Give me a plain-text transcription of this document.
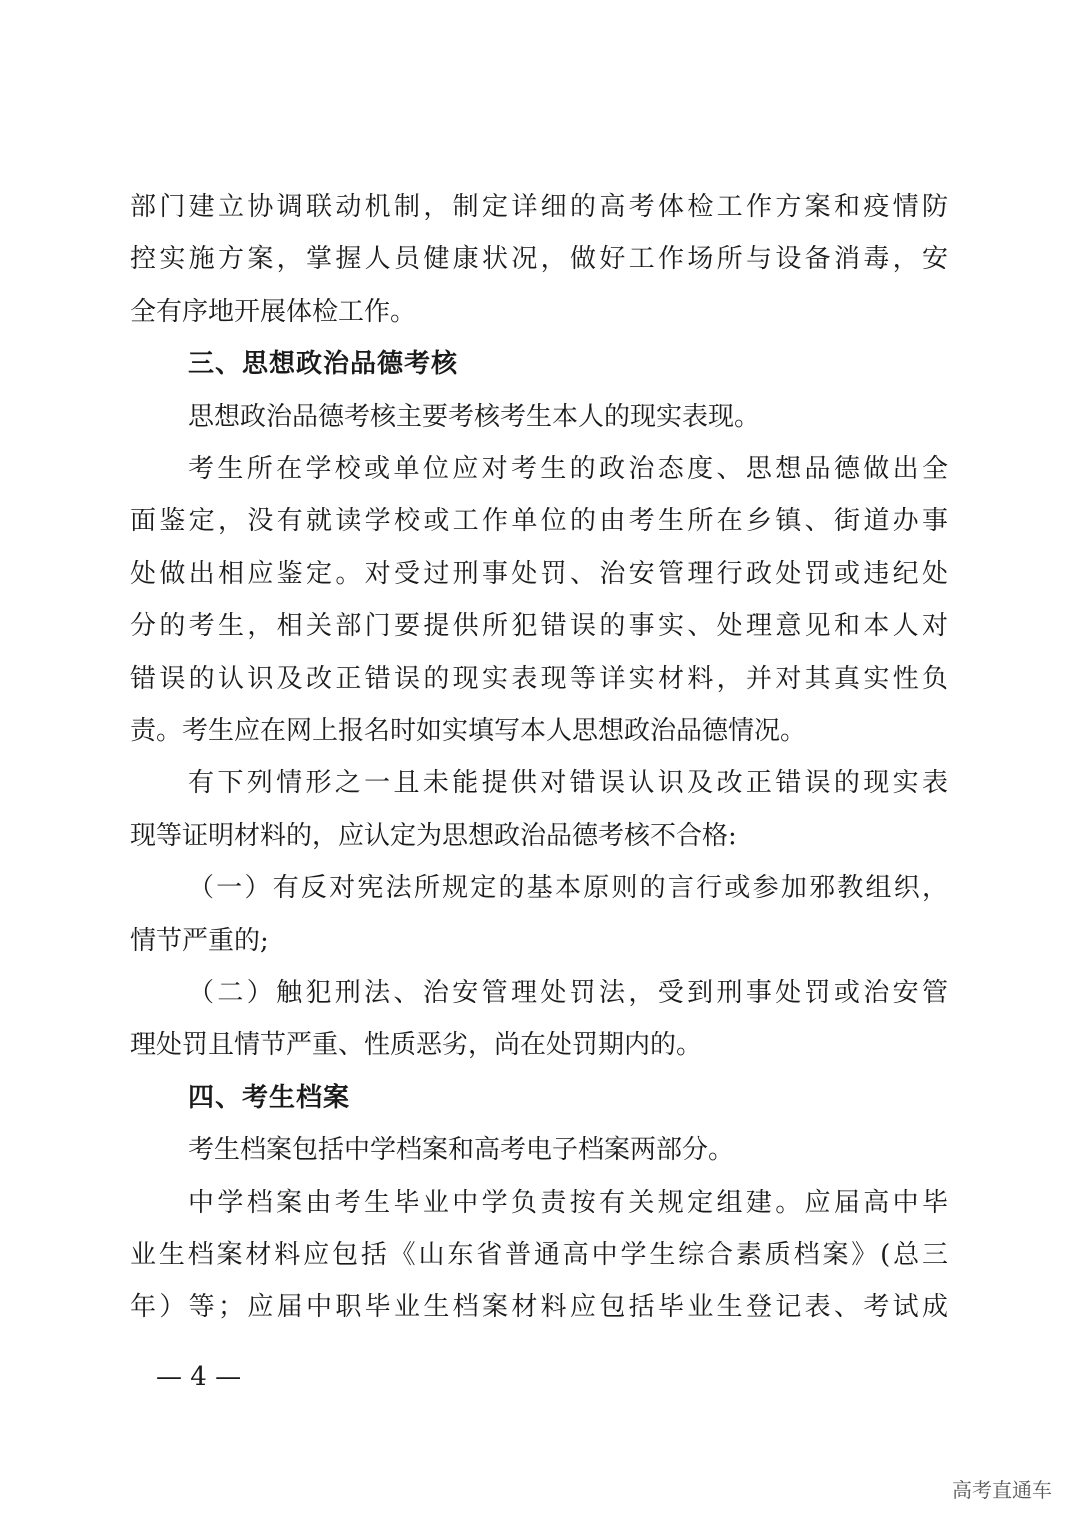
部门建立协调联动机制，制定详细的高考体检工作方案和疫情防
控实施方案，掌握人员健康状况，做好工作场所与设备消毒，安
全有序地开展体检工作。
三、思想政治品德考核
思想政治品德考核主要考核考生本人的现实表现。
考生所在学校或单位应对考生的政治态度、思想品德做出全
面鉴定，没有就读学校或工作单位的由考生所在乡镇、街道办事
处做出相应鉴定。对受过刑事处罚、治安管理行政处罚或违纪处
分的考生，相关部门要提供所犯错误的事实、处理意见和本人对
错误的认识及改正错误的现实表现等详实材料，并对其真实性负
责。考生应在网上报名时如实填写本人思想政治品德情况。
有下列情形之一且未能提供对错误认识及改正错误的现实表
现等证明材料的，应认定为思想政治品德考核不合格:
（一）有反对宪法所规定的基本原则的言行或参加邪教组织，
情节严重的;
（二）触犯刑法、治安管理处罚法，受到刑事处罚或治安管
理处罚且情节严重、性质恶劣，尚在处罚期内的。
四、考生档案
考生档案包括中学档案和高考电子档案两部分。
中学档案由考生毕业中学负责按有关规定组建。应届高中毕
业生档案材料应包括《山东省普通高中学生综合素质档案》(总三
年）等；应届中职毕业生档案材料应包括毕业生登记表、考试成
— 4 —
高考直通车
